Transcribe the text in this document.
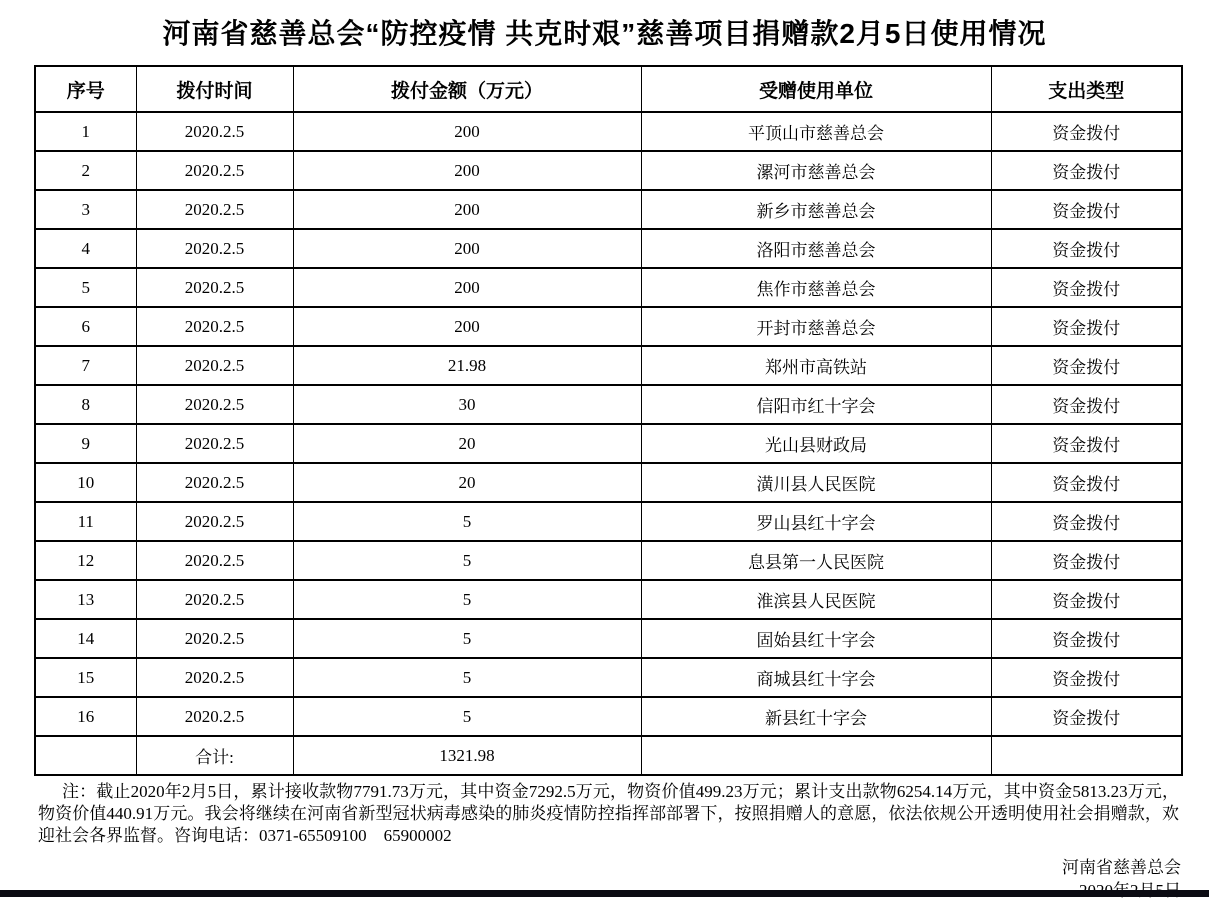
河南省慈善总会“防控疫情 共克时艰”慈善项目捐赠款2月5日使用情况
序号	拨付时间	拨付金额（万元）	受赠使用单位	支出类型
1	2020.2.5	200	平顶山市慈善总会	资金拨付
2	2020.2.5	200	漯河市慈善总会	资金拨付
3	2020.2.5	200	新乡市慈善总会	资金拨付
4	2020.2.5	200	洛阳市慈善总会	资金拨付
5	2020.2.5	200	焦作市慈善总会	资金拨付
6	2020.2.5	200	开封市慈善总会	资金拨付
7	2020.2.5	21.98	郑州市高铁站	资金拨付
8	2020.2.5	30	信阳市红十字会	资金拨付
9	2020.2.5	20	光山县财政局	资金拨付
10	2020.2.5	20	潢川县人民医院	资金拨付
11	2020.2.5	5	罗山县红十字会	资金拨付
12	2020.2.5	5	息县第一人民医院	资金拨付
13	2020.2.5	5	淮滨县人民医院	资金拨付
14	2020.2.5	5	固始县红十字会	资金拨付
15	2020.2.5	5	商城县红十字会	资金拨付
16	2020.2.5	5	新县红十字会	资金拨付
	合计:	1321.98		

注：截止2020年2月5日，累计接收款物7791.73万元，其中资金7292.5万元，物资价值499.23万元；累计支出款物6254.14万元，其中资金5813.23万元，物资价值440.91万元。我会将继续在河南省新型冠状病毒感染的肺炎疫情防控指挥部部署下，按照捐赠人的意愿，依法依规公开透明使用社会捐赠款，欢迎社会各界监督。咨询电话：0371-65509100　65900002

河南省慈善总会
